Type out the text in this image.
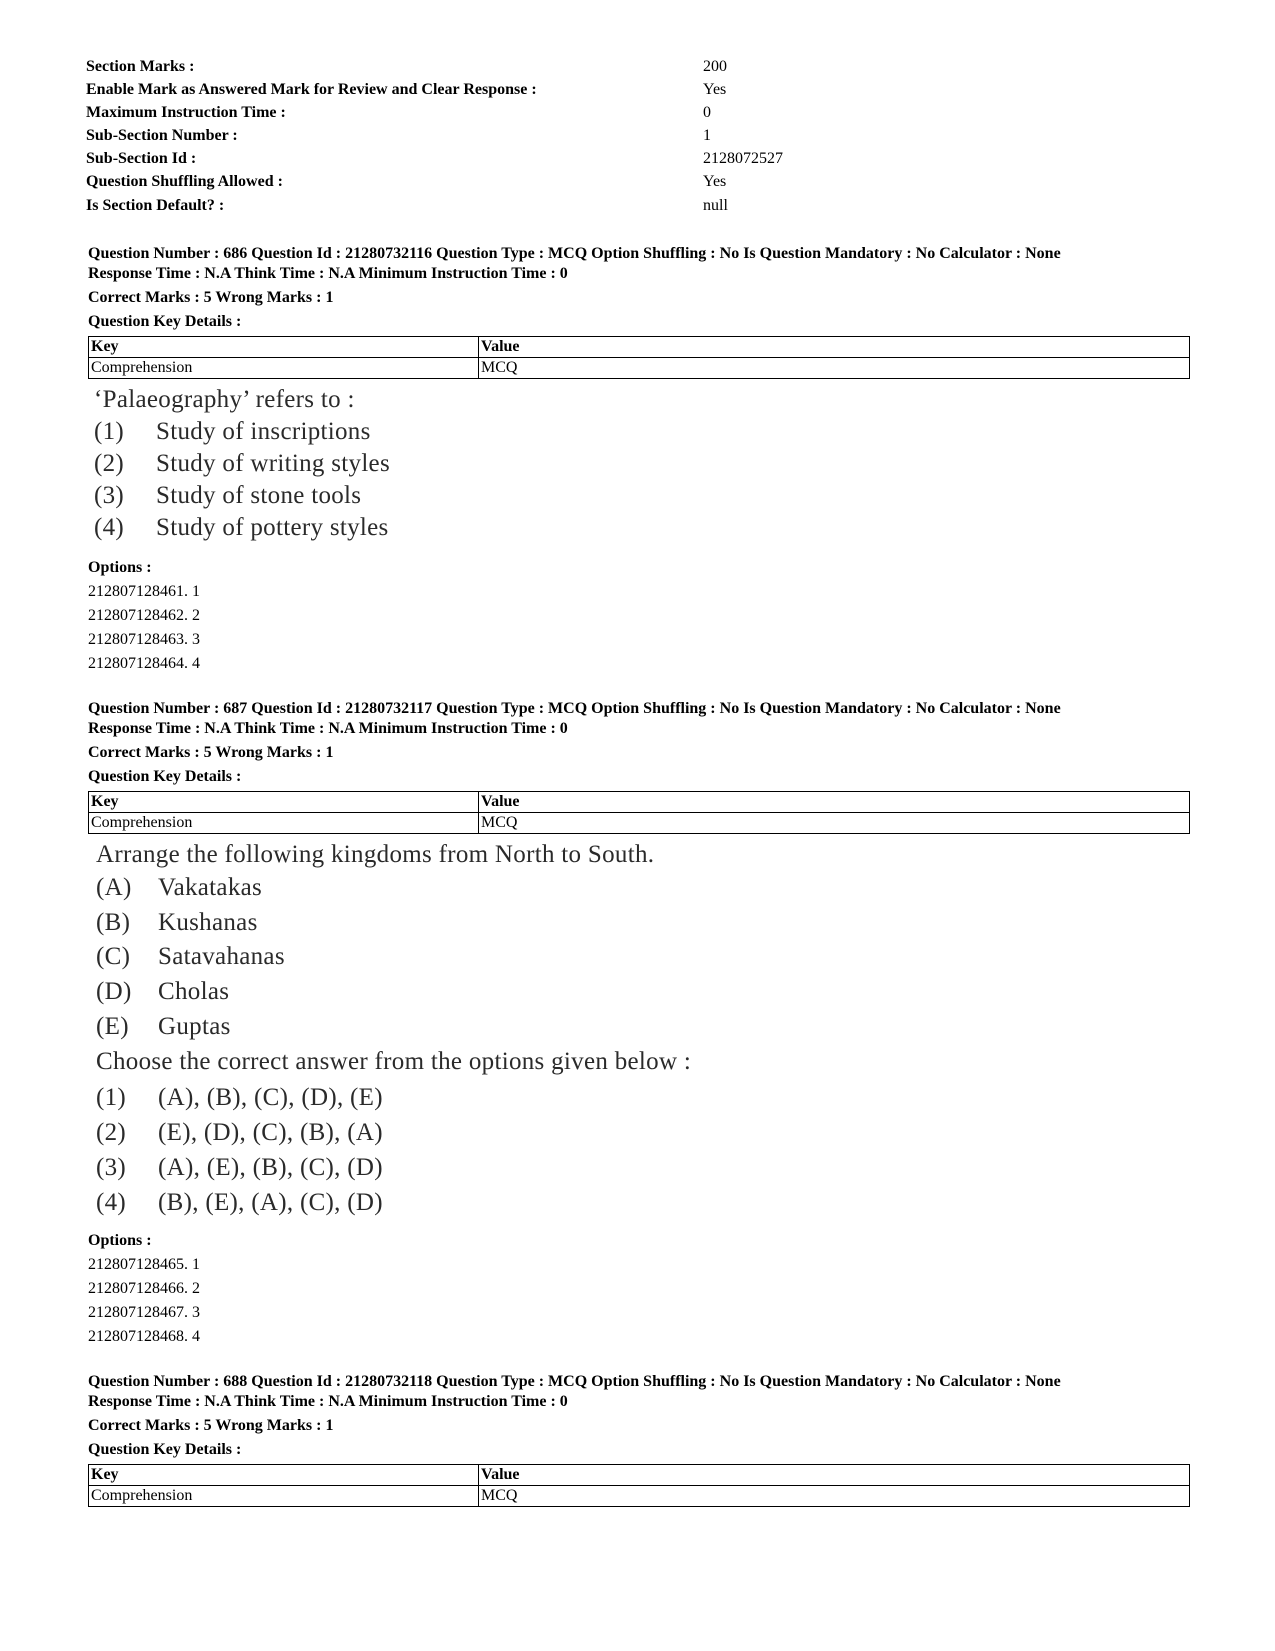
Section Marks :	200
Enable Mark as Answered Mark for Review and Clear Response :	Yes
Maximum Instruction Time :	0
Sub-Section Number :	1
Sub-Section Id :	2128072527
Question Shuffling Allowed :	Yes
Is Section Default? :	null
Question Number : 686 Question Id : 21280732116 Question Type : MCQ Option Shuffling : No Is Question Mandatory : No Calculator : None
Response Time : N.A Think Time : N.A Minimum Instruction Time : 0
Correct Marks : 5 Wrong Marks : 1
Question Key Details :
Key	Value
Comprehension	MCQ
‘Palaeography’ refers to :
(1) Study of inscriptions
(2) Study of writing styles
(3) Study of stone tools
(4) Study of pottery styles
Options :
212807128461. 1
212807128462. 2
212807128463. 3
212807128464. 4
Question Number : 687 Question Id : 21280732117 Question Type : MCQ Option Shuffling : No Is Question Mandatory : No Calculator : None
Response Time : N.A Think Time : N.A Minimum Instruction Time : 0
Correct Marks : 5 Wrong Marks : 1
Question Key Details :
Key	Value
Comprehension	MCQ
Arrange the following kingdoms from North to South.
(A) Vakatakas
(B) Kushanas
(C) Satavahanas
(D) Cholas
(E) Guptas
Choose the correct answer from the options given below :
(1) (A), (B), (C), (D), (E)
(2) (E), (D), (C), (B), (A)
(3) (A), (E), (B), (C), (D)
(4) (B), (E), (A), (C), (D)
Options :
212807128465. 1
212807128466. 2
212807128467. 3
212807128468. 4
Question Number : 688 Question Id : 21280732118 Question Type : MCQ Option Shuffling : No Is Question Mandatory : No Calculator : None
Response Time : N.A Think Time : N.A Minimum Instruction Time : 0
Correct Marks : 5 Wrong Marks : 1
Question Key Details :
Key	Value
Comprehension	MCQ
